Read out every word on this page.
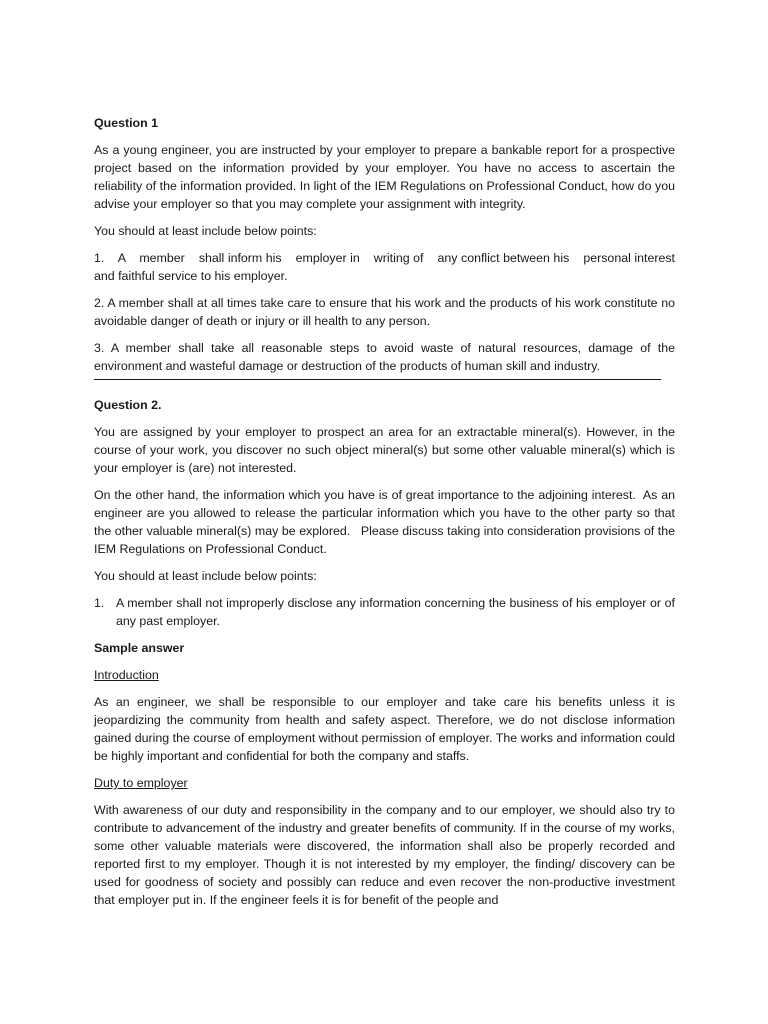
Question 1

As a young engineer, you are instructed by your employer to prepare a bankable report for a prospective project based on the information provided by your employer. You have no access to ascertain the reliability of the information provided. In light of the IEM Regulations on Professional Conduct, how do you advise your employer so that you may complete your assignment with integrity.

You should at least include below points:

1.    A    member    shall inform his    employer in    writing of    any conflict between his    personal interest and faithful service to his employer.

2. A member shall at all times take care to ensure that his work and the products of his work constitute no avoidable danger of death or injury or ill health to any person.

3. A member shall take all reasonable steps to avoid waste of natural resources, damage of the environment and wasteful damage or destruction of the products of human skill and industry.

Question 2.

You are assigned by your employer to prospect an area for an extractable mineral(s). However, in the course of your work, you discover no such object mineral(s) but some other valuable mineral(s) which is your employer is (are) not interested.

On the other hand, the information which you have is of great importance to the adjoining interest.  As an engineer are you allowed to release the particular information which you have to the other party so that the other valuable mineral(s) may be explored.   Please discuss taking into consideration provisions of the IEM Regulations on Professional Conduct.

You should at least include below points:

1. A member shall not improperly disclose any information concerning the business of his employer or of any past employer.

Sample answer

Introduction

As an engineer, we shall be responsible to our employer and take care his benefits unless it is jeopardizing the community from health and safety aspect. Therefore, we do not disclose information gained during the course of employment without permission of employer. The works and information could be highly important and confidential for both the company and staffs.

Duty to employer

With awareness of our duty and responsibility in the company and to our employer, we should also try to contribute to advancement of the industry and greater benefits of community. If in the course of my works, some other valuable materials were discovered, the information shall also be properly recorded and reported first to my employer. Though it is not interested by my employer, the finding/ discovery can be used for goodness of society and possibly can reduce and even recover the non-productive investment that employer put in. If the engineer feels it is for benefit of the people and
